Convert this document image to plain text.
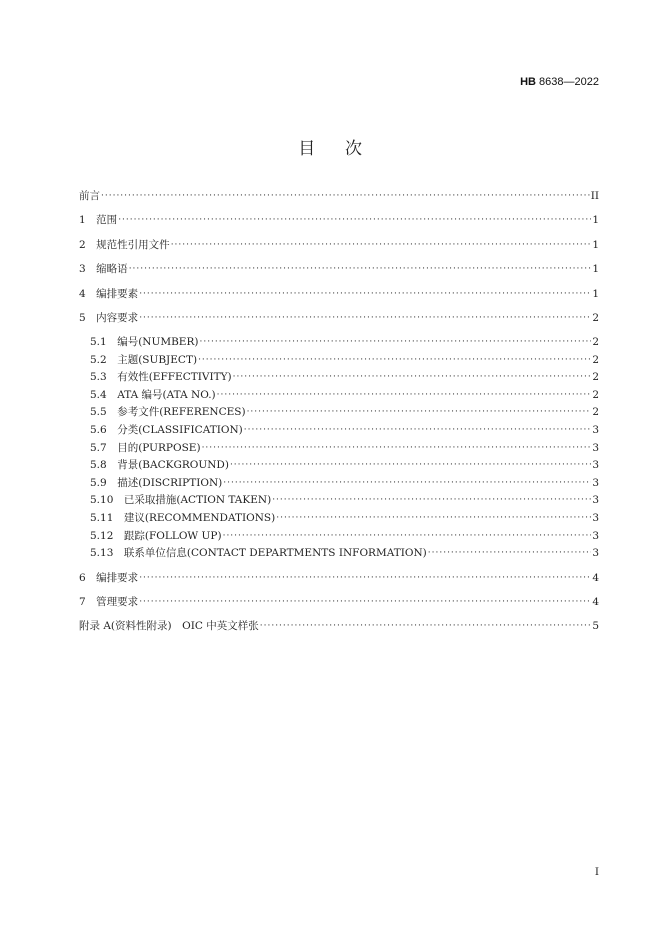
HB 8638—2022
目 次
前言 ·····	II
1　范围 ·····	1
2　规范性引用文件 ·····	1
3　缩略语 ·····	1
4　编排要素 ·····	1
5　内容要求 ·····	2
5.1　编号(NUMBER) ·····	2
5.2　主题(SUBJECT) ·····	2
5.3　有效性(EFFECTIVITY) ·····	2
5.4　ATA 编号(ATA NO.) ·····	2
5.5　参考文件(REFERENCES) ·····	2
5.6　分类(CLASSIFICATION) ·····	3
5.7　目的(PURPOSE) ·····	3
5.8　背景(BACKGROUND) ·····	3
5.9　描述(DISCRIPTION) ·····	3
5.10　已采取措施(ACTION TAKEN) ·····	3
5.11　建议(RECOMMENDATIONS) ·····	3
5.12　跟踪(FOLLOW UP) ·····	3
5.13　联系单位信息(CONTACT DEPARTMENTS INFORMATION) ·····	3
6　编排要求 ·····	4
7　管理要求 ·····	4
附录 A(资料性附录)　OIC 中英文样张 ·····	5
I
